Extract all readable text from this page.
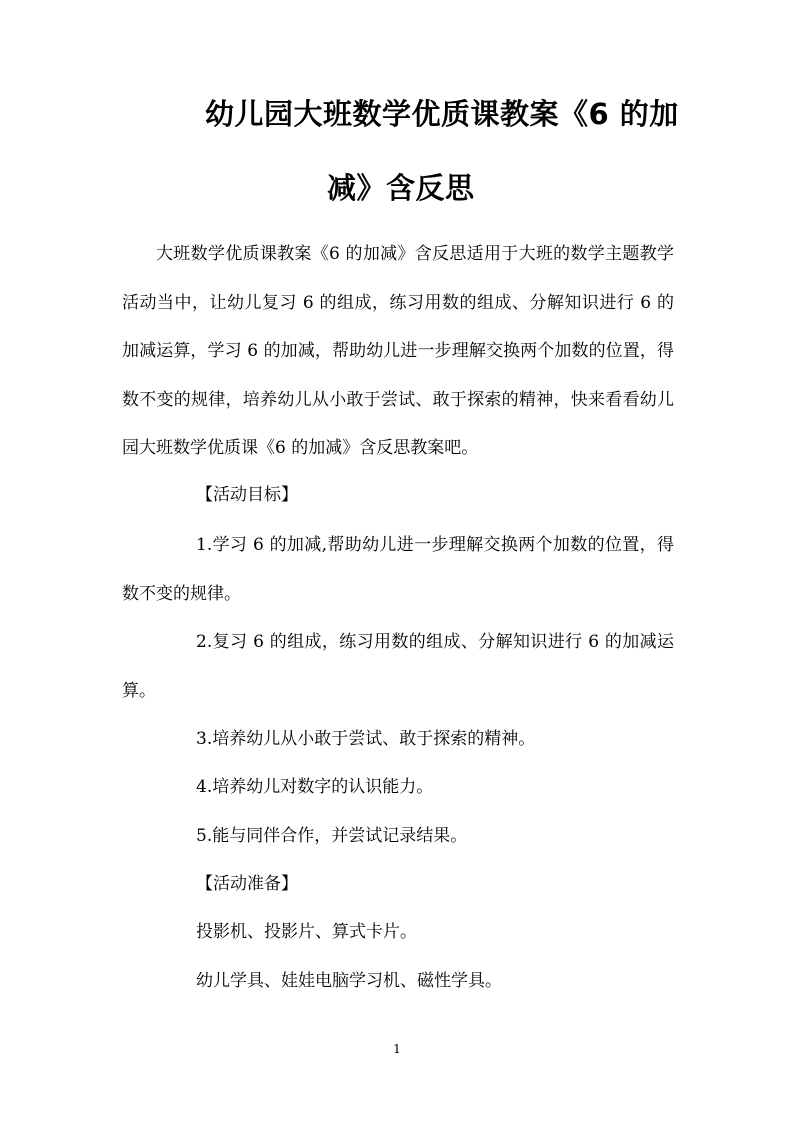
幼儿园大班数学优质课教案《6 的加
减》含反思
大班数学优质课教案《6 的加减》含反思适用于大班的数学主题教学活动当中，让幼儿复习 6 的组成，练习用数的组成、分解知识进行 6 的加减运算，学习 6 的加减，帮助幼儿进一步理解交换两个加数的位置，得数不变的规律，培养幼儿从小敢于尝试、敢于探索的精神，快来看看幼儿园大班数学优质课《6 的加减》含反思教案吧。
【活动目标】
1.学习 6 的加减,帮助幼儿进一步理解交换两个加数的位置，得数不变的规律。
2.复习 6 的组成，练习用数的组成、分解知识进行 6 的加减运算。
3.培养幼儿从小敢于尝试、敢于探索的精神。
4.培养幼儿对数字的认识能力。
5.能与同伴合作，并尝试记录结果。
【活动准备】
投影机、投影片、算式卡片。
幼儿学具、娃娃电脑学习机、磁性学具。
1
